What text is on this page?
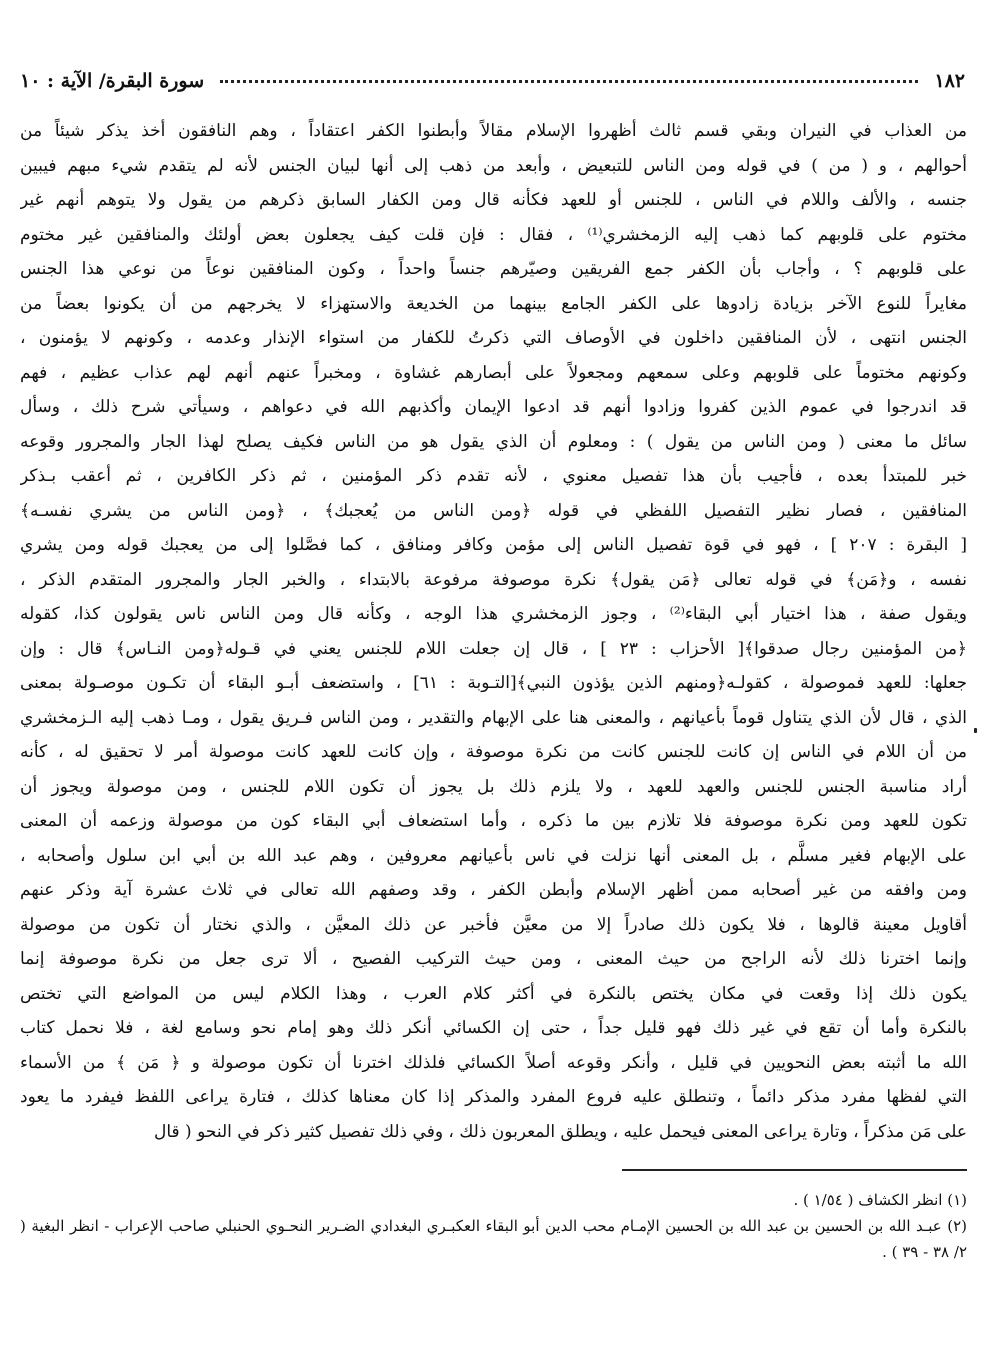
١٨٢
سورة البقرة/ الآية : ١٠
من العذاب في النيران وبقي قسم ثالث أظهروا الإسلام مقالاً وأبطنوا الكفر اعتقاداً ، وهم النافقون أخذ يذكر شيئاً من
أحوالهم ، و ( من ) في قوله ومن الناس للتبعيض ، وأبعد من ذهب إلى أنها لبيان الجنس لأنه لم يتقدم شيء مبهم فيبين
جنسه ، والألف واللام في الناس ، للجنس أو للعهد فكأنه قال ومن الكفار السابق ذكرهم من يقول ولا يتوهم أنهم غير
مختوم على قلوبهم كما ذهب إليه الزمخشري⁽¹⁾ ، فقال : فإن قلت كيف يجعلون بعض أولئك والمنافقين غير مختوم
على قلوبهم ؟ ، وأجاب بأن الكفر جمع الفريقين وصيّرهم جنساً واحداً ، وكون المنافقين نوعاً من نوعي هذا الجنس
مغايراً للنوع الآخر بزيادة زادوها على الكفر الجامع بينهما من الخديعة والاستهزاء لا يخرجهم من أن يكونوا بعضاً من
الجنس انتهى ، لأن المنافقين داخلون في الأوصاف التي ذكرتُ للكفار من استواء الإنذار وعدمه ، وكونهم لا يؤمنون ،
وكونهم مختوماً على قلوبهم وعلى سمعهم ومجعولاً على أبصارهم غشاوة ، ومخبراً عنهم أنهم لهم عذاب عظيم ، فهم
قد اندرجوا في عموم الذين كفروا وزادوا أنهم قد ادعوا الإيمان وأكذبهم الله في دعواهم ، وسيأتي شرح ذلك ، وسأل
سائل ما معنى ( ومن الناس من يقول ) : ومعلوم أن الذي يقول هو من الناس فكيف يصلح لهذا الجار والمجرور وقوعه
خبر للمبتدأ بعده ، فأجيب بأن هذا تفصيل معنوي ، لأنه تقدم ذكر المؤمنين ، ثم ذكر الكافرين ، ثم أعقب بـذكر
المنافقين ، فصار نظير التفصيل اللفظي في قوله ﴿ومن الناس من يُعجبك﴾ ، ﴿ومن الناس من يشري نفسـه﴾
[ البقرة : ٢٠٧ ] ، فهو في قوة تفصيل الناس إلى مؤمن وكافر ومنافق ، كما فصَّلوا إلى من يعجبك قوله ومن يشري
نفسه ، و﴿مَن﴾ في قوله تعالى ﴿مَن يقول﴾ نكرة موصوفة مرفوعة بالابتداء ، والخبر الجار والمجرور المتقدم الذكر ،
ويقول صفة ، هذا اختيار أبي البقاء⁽²⁾ ، وجوز الزمخشري هذا الوجه ، وكأنه قال ومن الناس ناس يقولون كذا، كقوله
﴿من المؤمنين رجال صدقوا﴾[ الأحزاب : ٢٣ ] ، قال إن جعلت اللام للجنس يعني في قـوله﴿ومن النـاس﴾ قال : وإن
جعلها: للعهد فموصولة ، كقولـه﴿ومنهم الذين يؤذون النبي﴾[التـوبة : ٦١] ، واستضعف أبـو البقاء أن تكـون موصـولة بمعنى
الذي ، قال لأن الذي يتناول قوماً بأعيانهم ، والمعنى هنا على الإبهام والتقدير ، ومن الناس فـريق يقول ، ومـا ذهب إليه الـزمخشري
من أن اللام في الناس إن كانت للجنس كانت من نكرة موصوفة ، وإن كانت للعهد كانت موصولة أمر لا تحقيق له ، كأنه
أراد مناسبة الجنس للجنس والعهد للعهد ، ولا يلزم ذلك بل يجوز أن تكون اللام للجنس ، ومن موصولة ويجوز أن
تكون للعهد ومن نكرة موصوفة فلا تلازم بين ما ذكره ، وأما استضعاف أبي البقاء كون من موصولة وزعمه أن المعنى
على الإبهام فغير مسلَّم ، بل المعنى أنها نزلت في ناس بأعيانهم معروفين ، وهم عبد الله بن أبي ابن سلول وأصحابه ،
ومن وافقه من غير أصحابه ممن أظهر الإسلام وأبطن الكفر ، وقد وصفهم الله تعالى في ثلاث عشرة آية وذكر عنهم
أقاويل معينة قالوها ، فلا يكون ذلك صادراً إلا من معيَّن فأخبر عن ذلك المعيَّن ، والذي نختار أن تكون من موصولة
وإنما اخترنا ذلك لأنه الراجح من حيث المعنى ، ومن حيث التركيب الفصيح ، ألا ترى جعل من نكرة موصوفة إنما
يكون ذلك إذا وقعت في مكان يختص بالنكرة في أكثر كلام العرب ، وهذا الكلام ليس من المواضع التي تختص
بالنكرة وأما أن تقع في غير ذلك فهو قليل جداً ، حتى إن الكسائي أنكر ذلك وهو إمام نحو وسامع لغة ، فلا نحمل كتاب
الله ما أثبته بعض النحويين في قليل ، وأنكر وقوعه أصلاً الكسائي فلذلك اخترنا أن تكون موصولة و ﴿ مَن ﴾ من الأسماء
التي لفظها مفرد مذكر دائماً ، وتنطلق عليه فروع المفرد والمذكر إذا كان معناها كذلك ، فتارة يراعى اللفظ فيفرد ما يعود
على مَن مذكراً ، وتارة يراعى المعنى فيحمل عليه ، ويطلق المعربون ذلك ، وفي ذلك تفصيل كثير ذكر في النحو ( قال
(١) انظر الكشاف ( ١/٥٤ ) .
(٢) عبـد الله بن الحسين بن عبد الله بن الحسين الإمـام محب الدين أبو البقاء العكبـري البغدادي الضـرير النحـوي الحنبلي صاحب الإعراب - انظر البغية ( ٢/ ٣٨ - ٣٩ ) .
